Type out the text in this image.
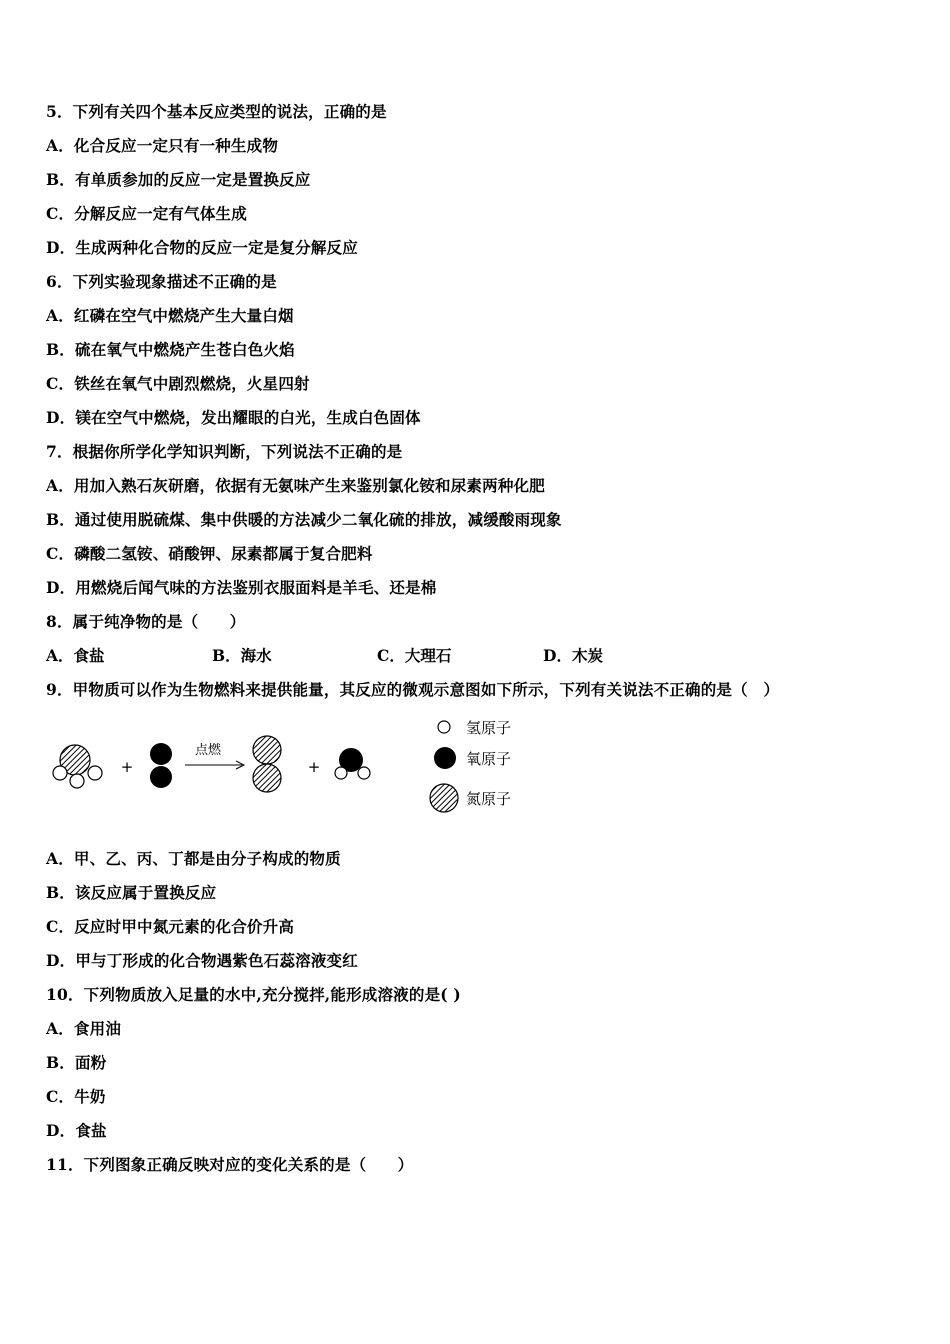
5．下列有关四个基本反应类型的说法，正确的是
A．化合反应一定只有一种生成物
B．有单质参加的反应一定是置换反应
C．分解反应一定有气体生成
D．生成两种化合物的反应一定是复分解反应
6．下列实验现象描述不正确的是
A．红磷在空气中燃烧产生大量白烟
B．硫在氧气中燃烧产生苍白色火焰
C．铁丝在氧气中剧烈燃烧，火星四射
D．镁在空气中燃烧，发出耀眼的白光，生成白色固体
7．根据你所学化学知识判断，下列说法不正确的是
A．用加入熟石灰研磨，依据有无氨味产生来鉴别氯化铵和尿素两种化肥
B．通过使用脱硫煤、集中供暖的方法减少二氧化硫的排放，减缓酸雨现象
C．磷酸二氢铵、硝酸钾、尿素都属于复合肥料
D．用燃烧后闻气味的方法鉴别衣服面料是羊毛、还是棉
8．属于纯净物的是（　　）
A．食盐	B．海水	C．大理石	D．木炭
9．甲物质可以作为生物燃料来提供能量，其反应的微观示意图如下所示，下列有关说法不正确的是（　）
+
点燃
+
氢原子
氧原子
氮原子
A．甲、乙、丙、丁都是由分子构成的物质
B．该反应属于置换反应
C．反应时甲中氮元素的化合价升高
D．甲与丁形成的化合物遇紫色石蕊溶液变红
10．下列物质放入足量的水中,充分搅拌,能形成溶液的是( )
A．食用油
B．面粉
C．牛奶
D．食盐
11．下列图象正确反映对应的变化关系的是（　　）
